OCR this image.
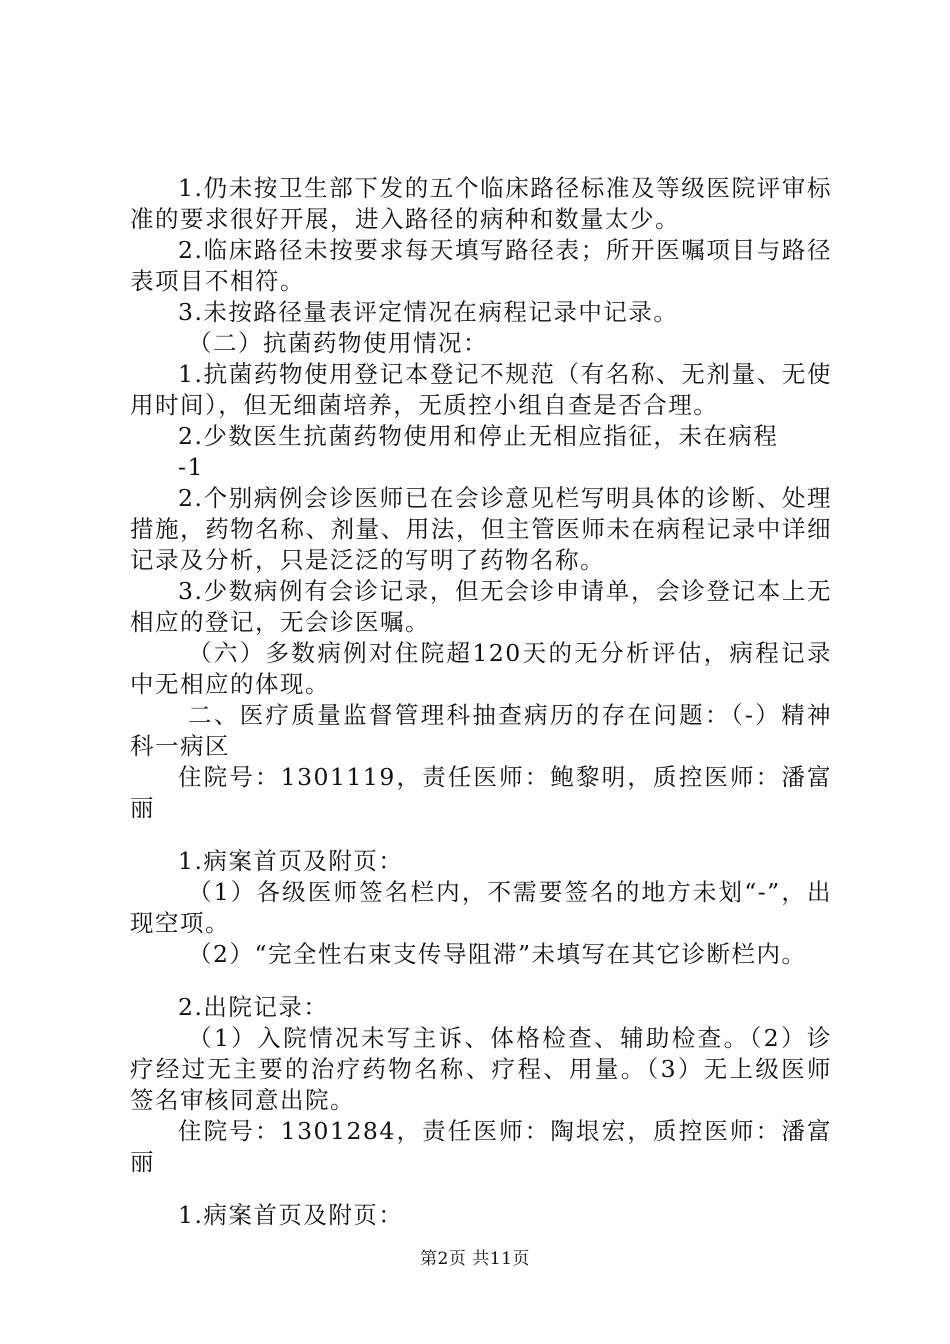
1.仍未按卫生部下发的五个临床路径标准及等级医院评审标准的要求很好开展，进入路径的病种和数量太少。

2.临床路径未按要求每天填写路径表；所开医嘱项目与路径表项目不相符。

3.未按路径量表评定情况在病程记录中记录。

（二）抗菌药物使用情况：

1.抗菌药物使用登记本登记不规范（有名称、无剂量、无使用时间），但无细菌培养，无质控小组自查是否合理。

2.少数医生抗菌药物使用和停止无相应指征，未在病程

-1

2.个别病例会诊医师已在会诊意见栏写明具体的诊断、处理措施，药物名称、剂量、用法，但主管医师未在病程记录中详细记录及分析，只是泛泛的写明了药物名称。

3.少数病例有会诊记录，但无会诊申请单，会诊登记本上无相应的登记，无会诊医嘱。

（六）多数病例对住院超120天的无分析评估，病程记录中无相应的体现。

二、医疗质量监督管理科抽查病历的存在问题：（-）精神科一病区

住院号：1301119，责任医师：鲍黎明，质控医师：潘富丽

1.病案首页及附页：

（1）各级医师签名栏内，不需要签名的地方未划“-”，出现空项。

（2）“完全性右束支传导阻滞”未填写在其它诊断栏内。

2.出院记录：

（1）入院情况未写主诉、体格检查、辅助检查。（2）诊疗经过无主要的治疗药物名称、疗程、用量。（3）无上级医师签名审核同意出院。

住院号：1301284，责任医师：陶垠宏，质控医师：潘富丽

1.病案首页及附页：

第2页 共11页
